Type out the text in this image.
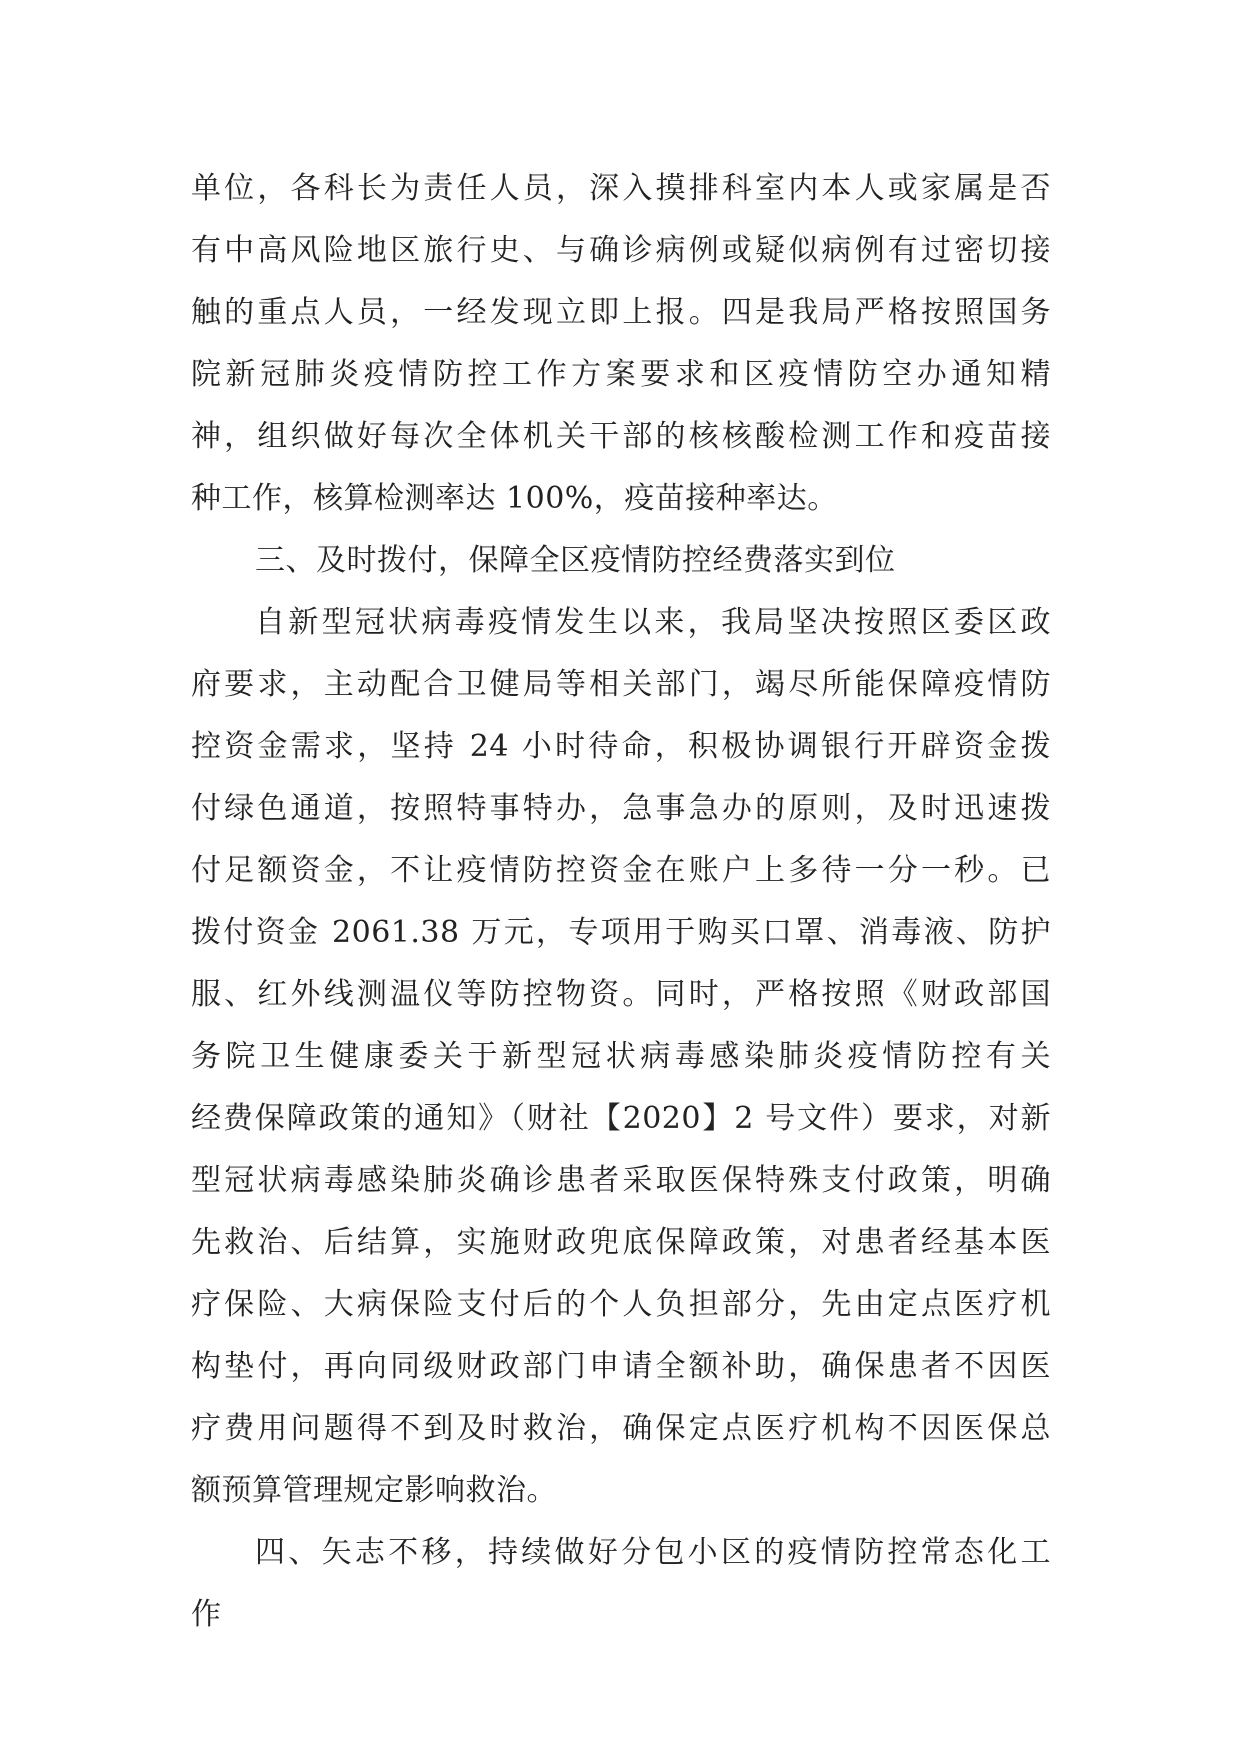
单位，各科长为责任人员，深入摸排科室内本人或家属是否
有中高风险地区旅行史、与确诊病例或疑似病例有过密切接
触的重点人员，一经发现立即上报。四是我局严格按照国务
院新冠肺炎疫情防控工作方案要求和区疫情防空办通知精
神，组织做好每次全体机关干部的核核酸检测工作和疫苗接
种工作，核算检测率达 100%，疫苗接种率达。
三、及时拨付，保障全区疫情防控经费落实到位
自新型冠状病毒疫情发生以来，我局坚决按照区委区政
府要求，主动配合卫健局等相关部门，竭尽所能保障疫情防
控资金需求，坚持 24 小时待命，积极协调银行开辟资金拨
付绿色通道，按照特事特办，急事急办的原则，及时迅速拨
付足额资金，不让疫情防控资金在账户上多待一分一秒。已
拨付资金 2061.38 万元，专项用于购买口罩、消毒液、防护
服、红外线测温仪等防控物资。同时，严格按照《财政部国
务院卫生健康委关于新型冠状病毒感染肺炎疫情防控有关
经费保障政策的通知》（财社【2020】2 号文件）要求，对新
型冠状病毒感染肺炎确诊患者采取医保特殊支付政策，明确
先救治、后结算，实施财政兜底保障政策，对患者经基本医
疗保险、大病保险支付后的个人负担部分，先由定点医疗机
构垫付，再向同级财政部门申请全额补助，确保患者不因医
疗费用问题得不到及时救治，确保定点医疗机构不因医保总
额预算管理规定影响救治。
四、矢志不移，持续做好分包小区的疫情防控常态化工
作
